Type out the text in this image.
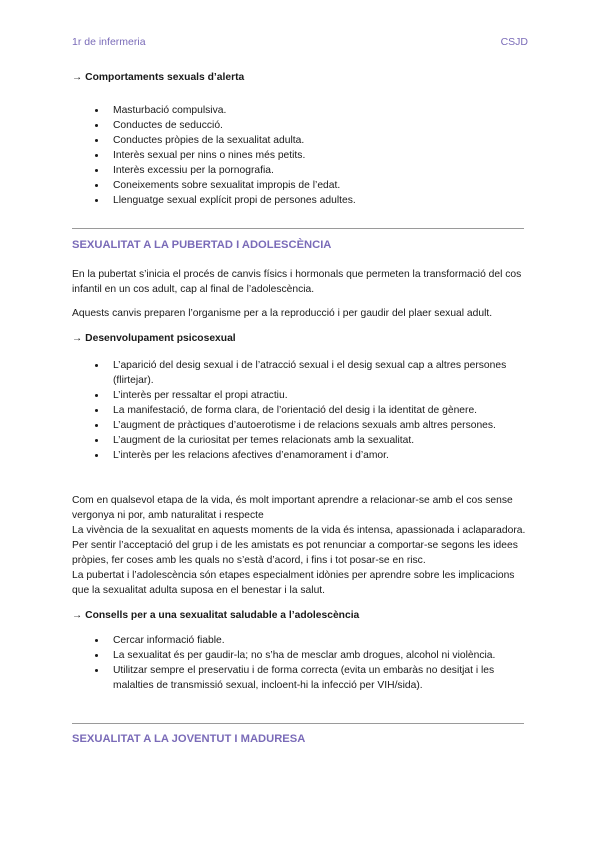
1r de infermeria	CSJD

→ Comportaments sexuals d’alerta

• Masturbació compulsiva.
• Conductes de seducció.
• Conductes pròpies de la sexualitat adulta.
• Interès sexual per nins o nines més petits.
• Interès excessiu per la pornografia.
• Coneixements sobre sexualitat impropis de l’edat.
• Llenguatge sexual explícit propi de persones adultes.
SEXUALITAT A LA PUBERTAD I ADOLESCÈNCIA

En la pubertat s’inicia el procés de canvis físics i hormonals que permeten la transformació del cos infantil en un cos adult, cap al final de l’adolescència.

Aquests canvis preparen l’organisme per a la reproducció i per gaudir del plaer sexual adult.

→ Desenvolupament psicosexual

• L’aparició del desig sexual i de l’atracció sexual i el desig sexual cap a altres persones (flirtejar).
• L’interès per ressaltar el propi atractiu.
• La manifestació, de forma clara, de l’orientació del desig i la identitat de gènere.
• L’augment de pràctiques d’autoerotisme i de relacions sexuals amb altres persones.
• L’augment de la curiositat per temes relacionats amb la sexualitat.
• L’interès per les relacions afectives d’enamorament i d’amor.

Com en qualsevol etapa de la vida, és molt important aprendre a relacionar-se amb el cos sense vergonya ni por, amb naturalitat i respecte

La vivència de la sexualitat en aquests moments de la vida és intensa, apassionada i aclaparadora.

Per sentir l’acceptació del grup i de les amistats es pot renunciar a comportar-se segons les idees pròpies, fer coses amb les quals no s’està d’acord, i fins i tot posar-se en risc.

La pubertat i l’adolescència són etapes especialment idònies per aprendre sobre les implicacions que la sexualitat adulta suposa en el benestar i la salut.

→ Consells per a una sexualitat saludable a l’adolescència

• Cercar informació fiable.
• La sexualitat és per gaudir-la; no s’ha de mesclar amb drogues, alcohol ni violència.
• Utilitzar sempre el preservatiu i de forma correcta (evita un embaràs no desitjat i les malalties de transmissió sexual, incloent-hi la infecció per VIH/sida).
SEXUALITAT A LA JOVENTUT I MADURESA
